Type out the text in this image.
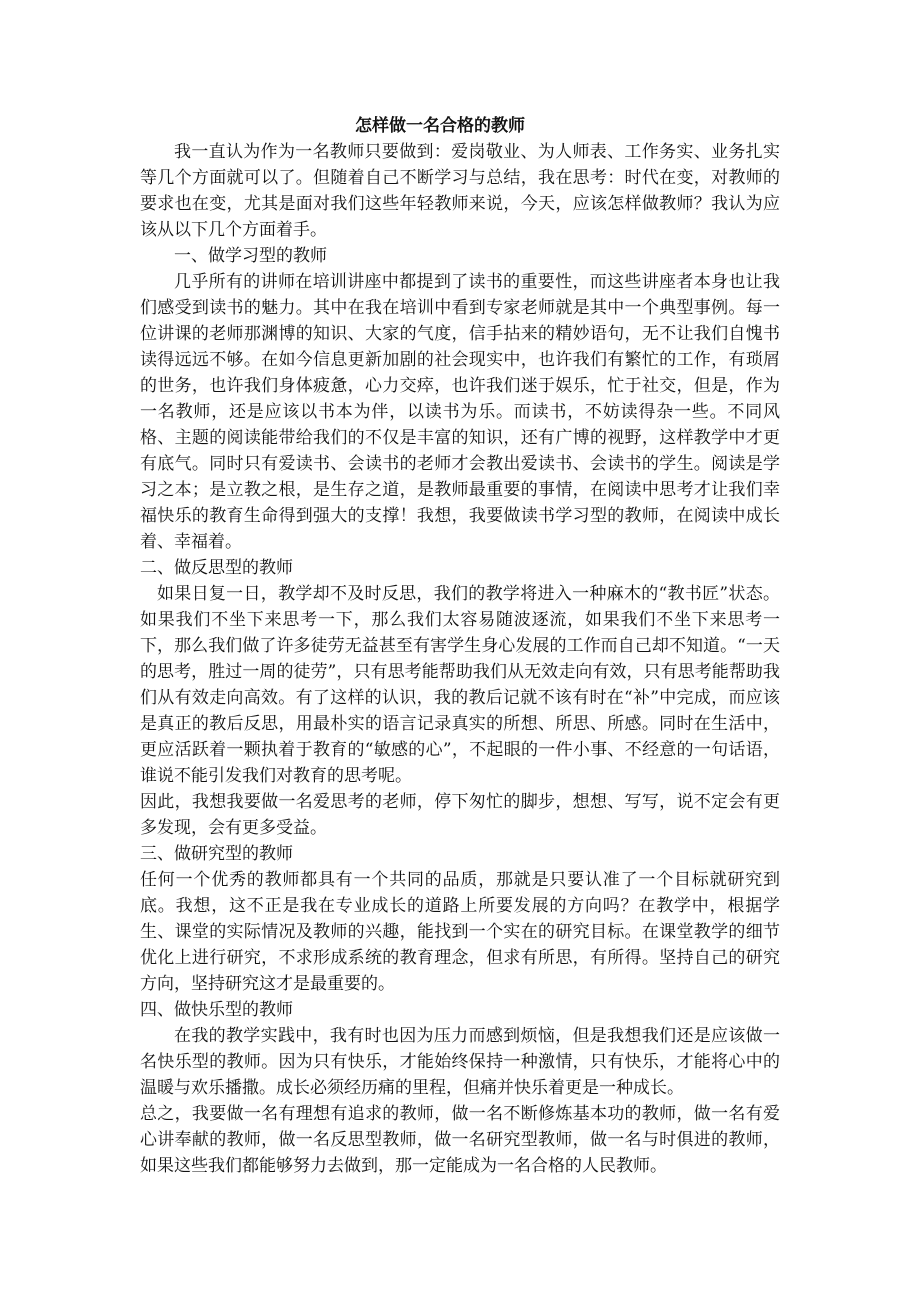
怎样做一名合格的教师

我一直认为作为一名教师只要做到：爱岗敬业、为人师表、工作务实、业务扎实等几个方面就可以了。但随着自己不断学习与总结，我在思考：时代在变，对教师的要求也在变，尤其是面对我们这些年轻教师来说，今天，应该怎样做教师？我认为应该从以下几个方面着手。

一、做学习型的教师

几乎所有的讲师在培训讲座中都提到了读书的重要性，而这些讲座者本身也让我们感受到读书的魅力。其中在我在培训中看到专家老师就是其中一个典型事例。每一位讲课的老师那渊博的知识、大家的气度，信手拈来的精妙语句，无不让我们自愧书读得远远不够。在如今信息更新加剧的社会现实中，也许我们有繁忙的工作，有琐屑的世务，也许我们身体疲惫，心力交瘁，也许我们迷于娱乐，忙于社交，但是，作为一名教师，还是应该以书本为伴，以读书为乐。而读书，不妨读得杂一些。不同风格、主题的阅读能带给我们的不仅是丰富的知识，还有广博的视野，这样教学中才更有底气。同时只有爱读书、会读书的老师才会教出爱读书、会读书的学生。阅读是学习之本；是立教之根，是生存之道，是教师最重要的事情，在阅读中思考才让我们幸福快乐的教育生命得到强大的支撑！我想，我要做读书学习型的教师，在阅读中成长着、幸福着。

二、做反思型的教师

如果日复一日，教学却不及时反思，我们的教学将进入一种麻木的“教书匠”状态。如果我们不坐下来思考一下，那么我们太容易随波逐流，如果我们不坐下来思考一下，那么我们做了许多徒劳无益甚至有害学生身心发展的工作而自己却不知道。“一天的思考，胜过一周的徒劳”，只有思考能帮助我们从无效走向有效，只有思考能帮助我们从有效走向高效。有了这样的认识，我的教后记就不该有时在“补”中完成，而应该是真正的教后反思，用最朴实的语言记录真实的所想、所思、所感。同时在生活中，更应活跃着一颗执着于教育的“敏感的心”，不起眼的一件小事、不经意的一句话语，谁说不能引发我们对教育的思考呢。

因此，我想我要做一名爱思考的老师，停下匆忙的脚步，想想、写写，说不定会有更多发现，会有更多受益。

三、做研究型的教师

任何一个优秀的教师都具有一个共同的品质，那就是只要认准了一个目标就研究到底。我想，这不正是我在专业成长的道路上所要发展的方向吗？在教学中，根据学生、课堂的实际情况及教师的兴趣，能找到一个实在的研究目标。在课堂教学的细节优化上进行研究，不求形成系统的教育理念，但求有所思，有所得。坚持自己的研究方向，坚持研究这才是最重要的。

四、做快乐型的教师

在我的教学实践中，我有时也因为压力而感到烦恼，但是我想我们还是应该做一名快乐型的教师。因为只有快乐，才能始终保持一种激情，只有快乐，才能将心中的温暖与欢乐播撒。成长必须经历痛的里程，但痛并快乐着更是一种成长。

总之，我要做一名有理想有追求的教师，做一名不断修炼基本功的教师，做一名有爱心讲奉献的教师，做一名反思型教师，做一名研究型教师，做一名与时俱进的教师，如果这些我们都能够努力去做到，那一定能成为一名合格的人民教师。
